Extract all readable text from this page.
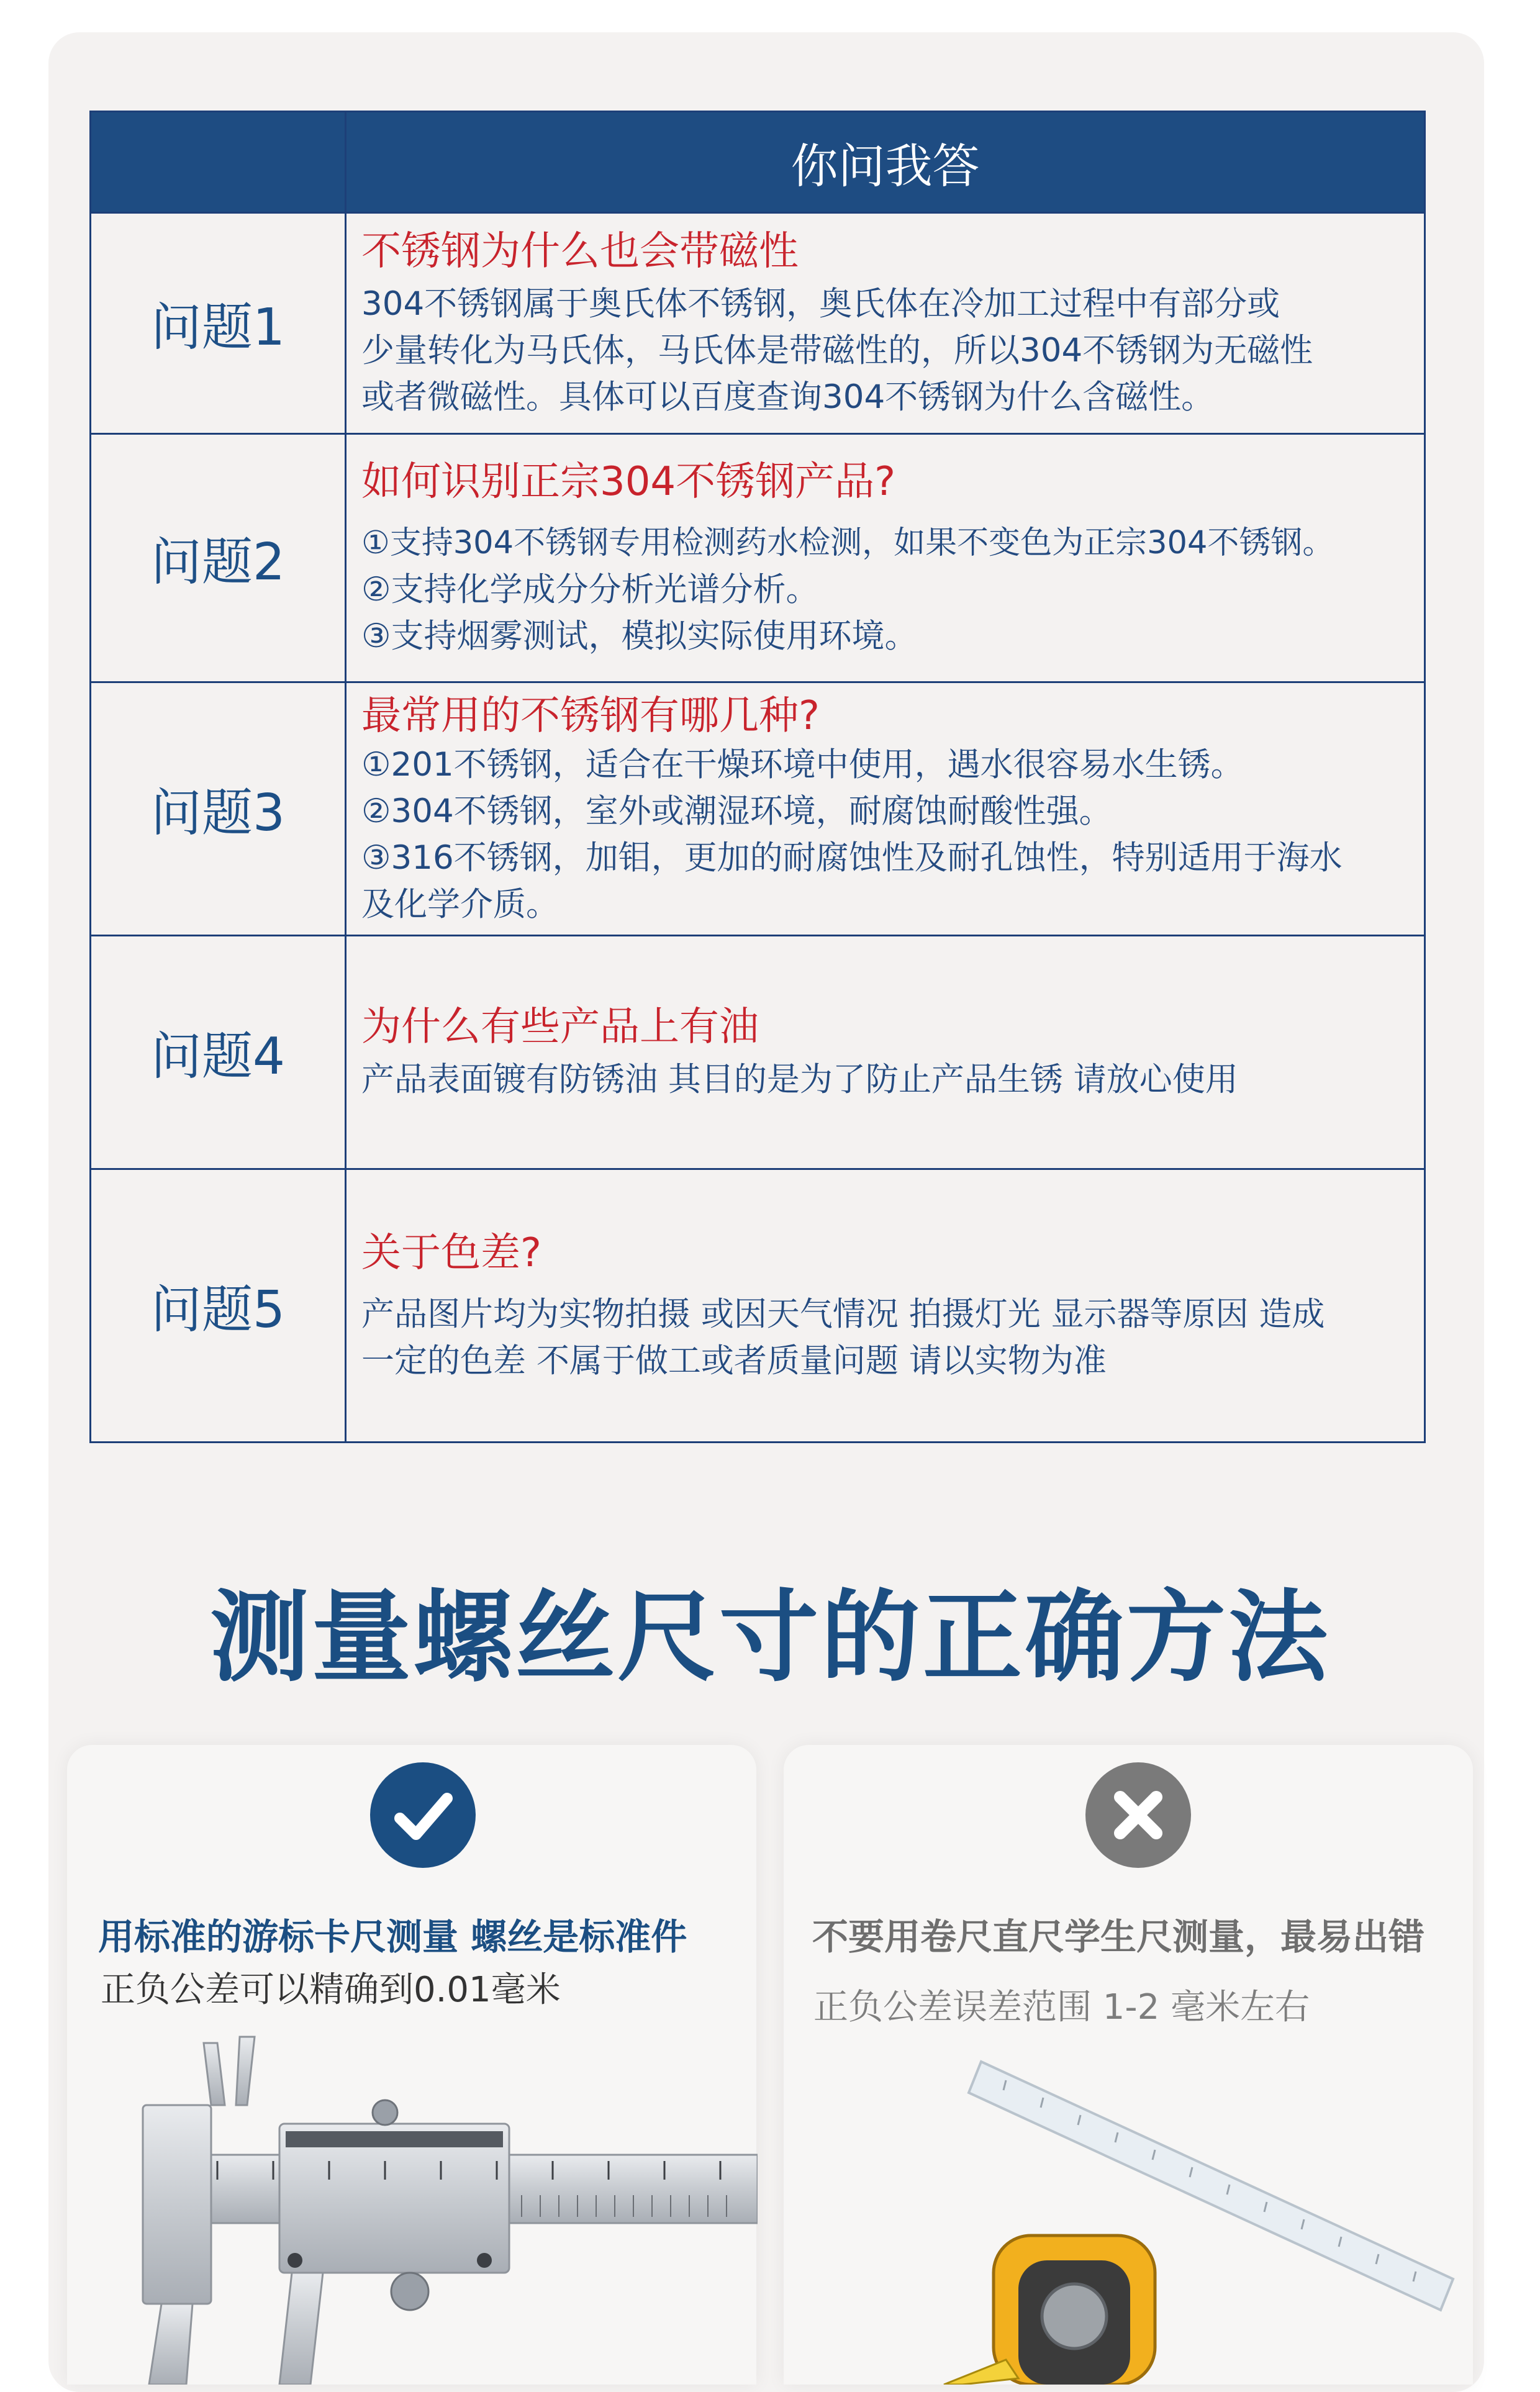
	你问我答
问题1	不锈钢为什么也会带磁性
304不锈钢属于奥氏体不锈钢，奥氏体在冷加工过程中有部分或
少量转化为马氏体，马氏体是带磁性的，所以304不锈钢为无磁性
或者微磁性。具体可以百度查询304不锈钢为什么含磁性。

问题2	如何识别正宗304不锈钢产品?
①支持304不锈钢专用检测药水检测，如果不变色为正宗304不锈钢。
②支持化学成分分析光谱分析。
③支持烟雾测试，模拟实际使用环境。

问题3	最常用的不锈钢有哪几种?
①201不锈钢，适合在干燥环境中使用，遇水很容易水生锈。
②304不锈钢，室外或潮湿环境，耐腐蚀耐酸性强。
③316不锈钢，加钼，更加的耐腐蚀性及耐孔蚀性，特别适用于海水
及化学介质。

问题4	为什么有些产品上有油
产品表面镀有防锈油 其目的是为了防止产品生锈 请放心使用

问题5	关于色差?
产品图片均为实物拍摄 或因天气情况 拍摄灯光 显示器等原因 造成
一定的色差 不属于做工或者质量问题 请以实物为准
测量螺丝尺寸的正确方法
用标准的游标卡尺测量 螺丝是标准件
正负公差可以精确到0.01毫米
不要用卷尺直尺学生尺测量，最易出错
正负公差误差范围 1-2 毫米左右
